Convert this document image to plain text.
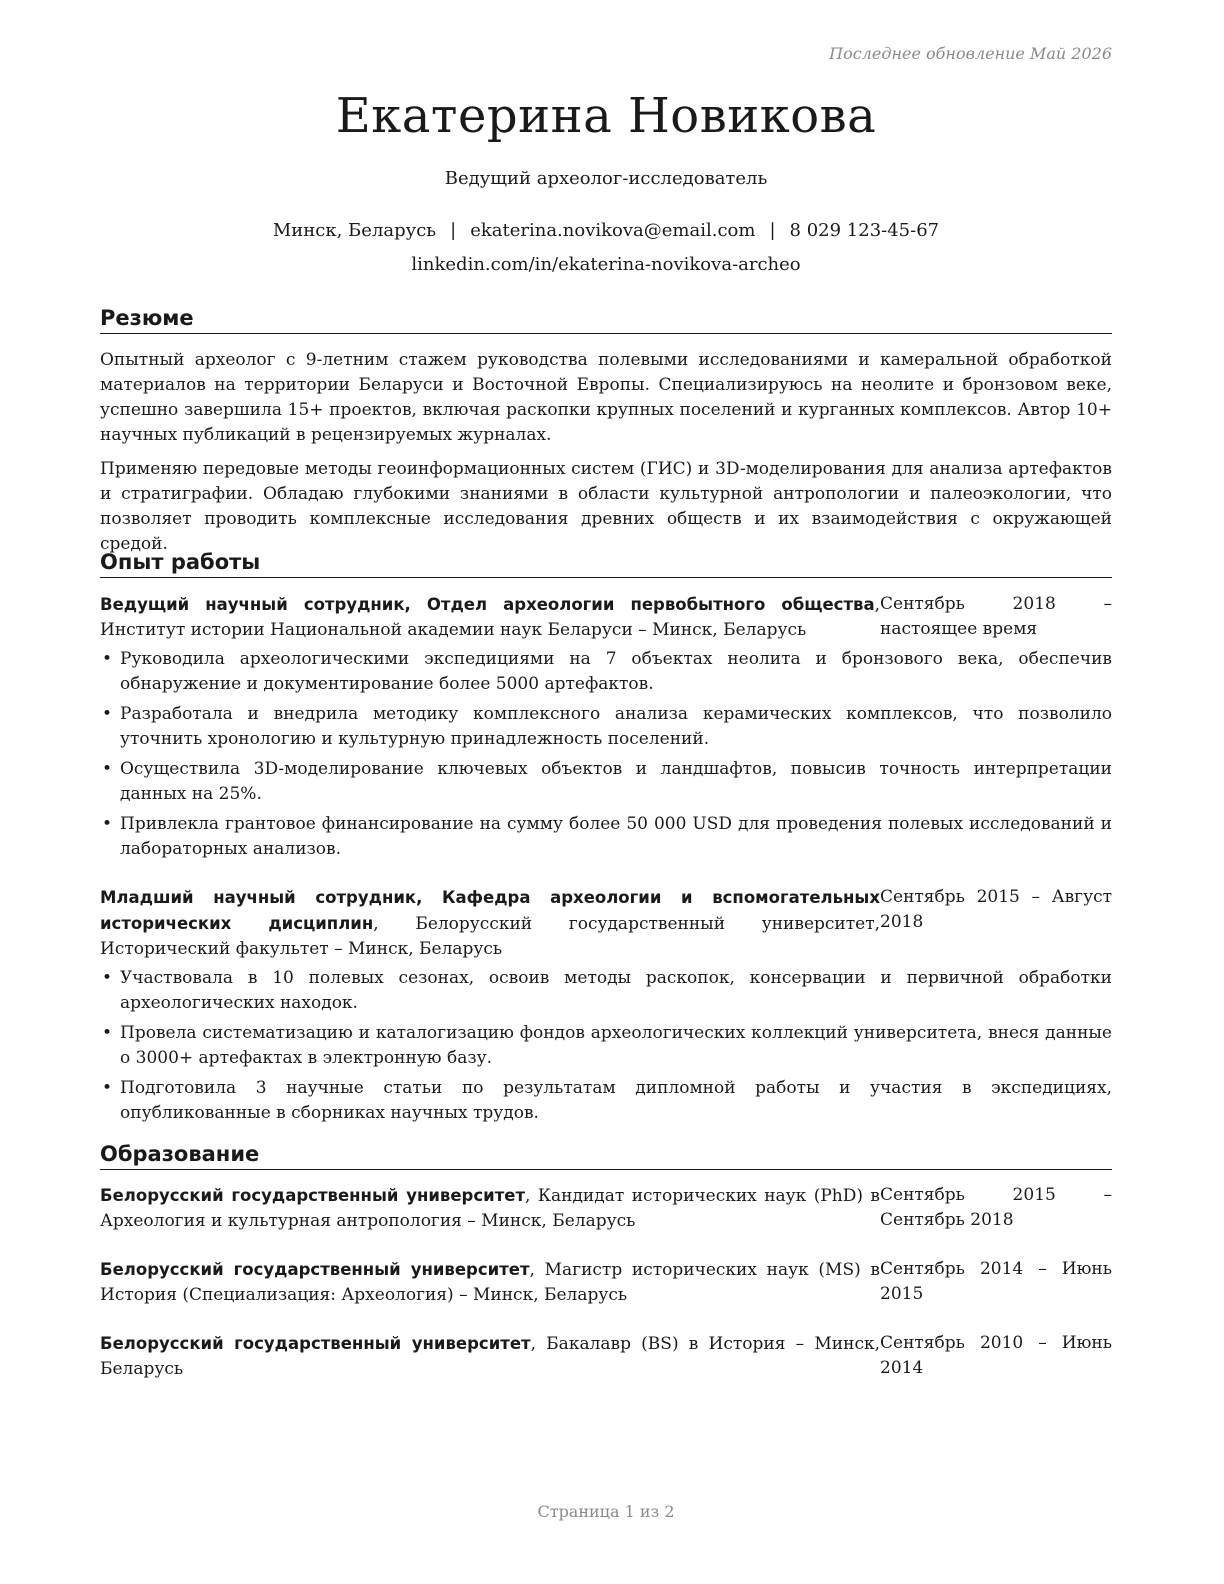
Последнее обновление Май 2026
Екатерина Новикова
Ведущий археолог-исследователь
Минск, Беларусь | ekaterina.novikova@email.com | 8 029 123-45-67
linkedin.com/in/ekaterina-novikova-archeo
Резюме
Опытный археолог с 9-летним стажем руководства полевыми исследованиями и камеральной обработкой материалов на территории Беларуси и Восточной Европы. Специализируюсь на неолите и бронзовом веке, успешно завершила 15+ проектов, включая раскопки крупных поселений и курганных комплексов. Автор 10+ научных публикаций в рецензируемых журналах.
Применяю передовые методы геоинформационных систем (ГИС) и 3D-моделирования для анализа артефактов и стратиграфии. Обладаю глубокими знаниями в области культурной антропологии и палеоэкологии, что позволяет проводить комплексные исследования древних обществ и их взаимодействия с окружающей средой.
Опыт работы
Ведущий научный сотрудник, Отдел археологии первобытного общества, Институт истории Национальной академии наук Беларуси – Минск, Беларусь
Сентябрь 2018 – настоящее время
• Руководила археологическими экспедициями на 7 объектах неолита и бронзового века, обеспечив обнаружение и документирование более 5000 артефактов.
• Разработала и внедрила методику комплексного анализа керамических комплексов, что позволило уточнить хронологию и культурную принадлежность поселений.
• Осуществила 3D-моделирование ключевых объектов и ландшафтов, повысив точность интерпретации данных на 25%.
• Привлекла грантовое финансирование на сумму более 50 000 USD для проведения полевых исследований и лабораторных анализов.
Младший научный сотрудник, Кафедра археологии и вспомогательных исторических дисциплин, Белорусский государственный университет, Исторический факультет – Минск, Беларусь
Сентябрь 2015 – Август 2018
• Участвовала в 10 полевых сезонах, освоив методы раскопок, консервации и первичной обработки археологических находок.
• Провела систематизацию и каталогизацию фондов археологических коллекций университета, внеся данные о 3000+ артефактах в электронную базу.
• Подготовила 3 научные статьи по результатам дипломной работы и участия в экспедициях, опубликованные в сборниках научных трудов.
Образование
Белорусский государственный университет, Кандидат исторических наук (PhD) в Археология и культурная антропология – Минск, Беларусь
Сентябрь 2015 – Сентябрь 2018
Белорусский государственный университет, Магистр исторических наук (MS) в История (Специализация: Археология) – Минск, Беларусь
Сентябрь 2014 – Июнь 2015
Белорусский государственный университет, Бакалавр (BS) в История – Минск, Беларусь
Сентябрь 2010 – Июнь 2014
Страница 1 из 2
